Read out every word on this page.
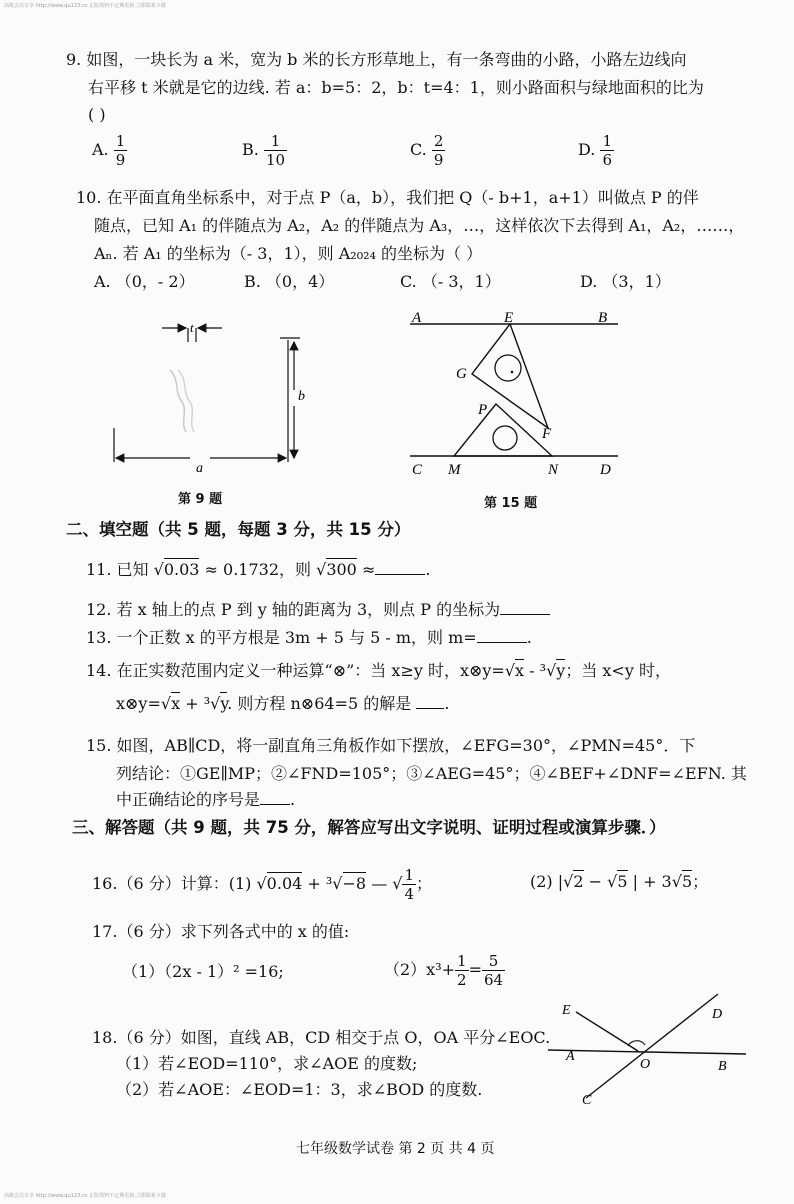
高级会员专享 http://www.qu123.cn 正版资料不定期更新,立即联系下载
高级会员专享 http://www.qu123.cn 正版资料不定期更新,立即联系下载
9. 如图，一块长为 a 米，宽为 b 米的长方形草地上，有一条弯曲的小路，小路左边线向
右平移 t 米就是它的边线. 若 a：b=5：2，b：t=4：1，则小路面积与绿地面积的比为
( )
A. $\frac{1}{9}$	B. $\frac{1}{10}$	C. $\frac{2}{9}$	D. $\frac{1}{6}$
10. 在平面直角坐标系中，对于点 P（a，b），我们把 Q（- b+1，a+1）叫做点 P 的伴
随点，已知 A₁ 的伴随点为 A₂，A₂ 的伴随点为 A₃，…，这样依次下去得到 A₁，A₂，……，
Aₙ. 若 A₁ 的坐标为（- 3，1），则 A₂₀₂₄ 的坐标为（ ）
A. （0，- 2）	B. （0，4）	C. （- 3，1）	D. （3，1）
t
b
a
第 9 题
A	E	B
G
P
F
C M	N	D
第 15 题
二、填空题（共 5 题，每题 3 分，共 15 分）
11. 已知 √0.03 ≈ 0.1732，则 √300 ≈	.
12. 若 x 轴上的点 P 到 y 轴的距离为 3，则点 P 的坐标为
13. 一个正数 x 的平方根是 3m + 5 与 5 - m，则 m=	.
14. 在正实数范围内定义一种运算“⊗”：当 x≥y 时，x⊗y=√x - ³√y；当 x<y 时，
x⊗y=√x + ³√y. 则方程 n⊗64=5 的解是 .
15. 如图，AB∥CD，将一副直角三角板作如下摆放，∠EFG=30°，∠PMN=45°．下
列结论：①GE∥MP；②∠FND=105°；③∠AEG=45°；④∠BEF+∠DNF=∠EFN. 其
中正确结论的序号是 .
三、解答题（共 9 题，共 75 分，解答应写出文字说明、证明过程或演算步骤．）
16.（6 分）计算：(1) √0.04 + ³√−8 — √ $\frac{1}{4}$ ；	(2) |√2 − √5 | + 3√5；
17.（6 分）求下列各式中的 x 的值:
（1）（2x - 1）² =16;	$(2)x^3+ \frac{1}{2} = \frac{5}{64}$
18.（6 分）如图，直线 AB，CD 相交于点 O，OA 平分∠EOC.
（1）若∠EOD=110°，求∠AOE 的度数;
（2）若∠AOE：∠EOD=1：3，求∠BOD 的度数.
E	D
A
O	B
C
七年级数学试卷 第 2 页 共 4 页
